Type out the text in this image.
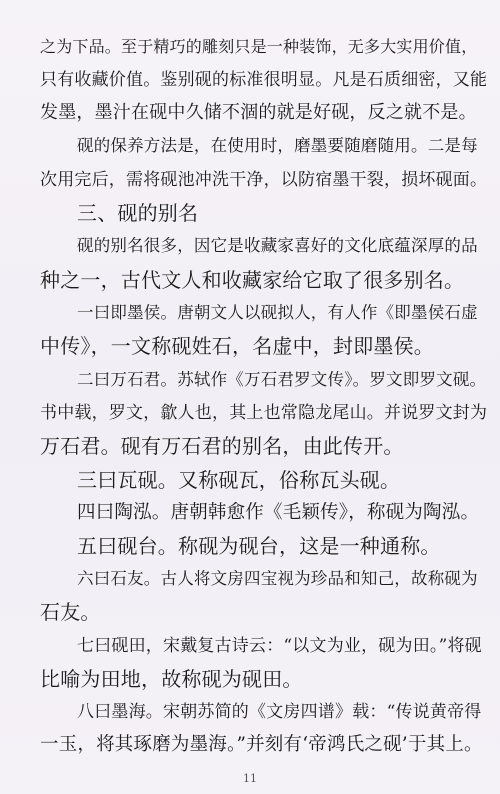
之为下品。至于精巧的雕刻只是一种装饰，无多大实用价值，
只有收藏价值。鉴别砚的标准很明显。凡是石质细密，又能
发墨，墨汁在砚中久储不涸的就是好砚，反之就不是。
砚的保养方法是，在使用时，磨墨要随磨随用。二是每
次用完后，需将砚池冲洗干净，以防宿墨干裂，损坏砚面。
三、砚的别名
砚的别名很多，因它是收藏家喜好的文化底蕴深厚的品
种之一，古代文人和收藏家给它取了很多别名。
一曰即墨侯。唐朝文人以砚拟人，有人作《即墨侯石虚
中传》，一文称砚姓石，名虚中，封即墨侯。
二曰万石君。苏轼作《万石君罗文传》。罗文即罗文砚。
书中载，罗文，歙人也，其上也常隐龙尾山。并说罗文封为
万石君。砚有万石君的别名，由此传开。
三曰瓦砚。又称砚瓦，俗称瓦头砚。
四曰陶泓。唐朝韩愈作《毛颖传》，称砚为陶泓。
五曰砚台。称砚为砚台，这是一种通称。
六曰石友。古人将文房四宝视为珍品和知己，故称砚为
石友。
七曰砚田，宋戴复古诗云：“以文为业，砚为田。”将砚
比喻为田地，故称砚为砚田。
八曰墨海。宋朝苏简的《文房四谱》载：“传说黄帝得
一玉，将其琢磨为墨海。”并刻有‘帝鸿氏之砚’于其上。
11
